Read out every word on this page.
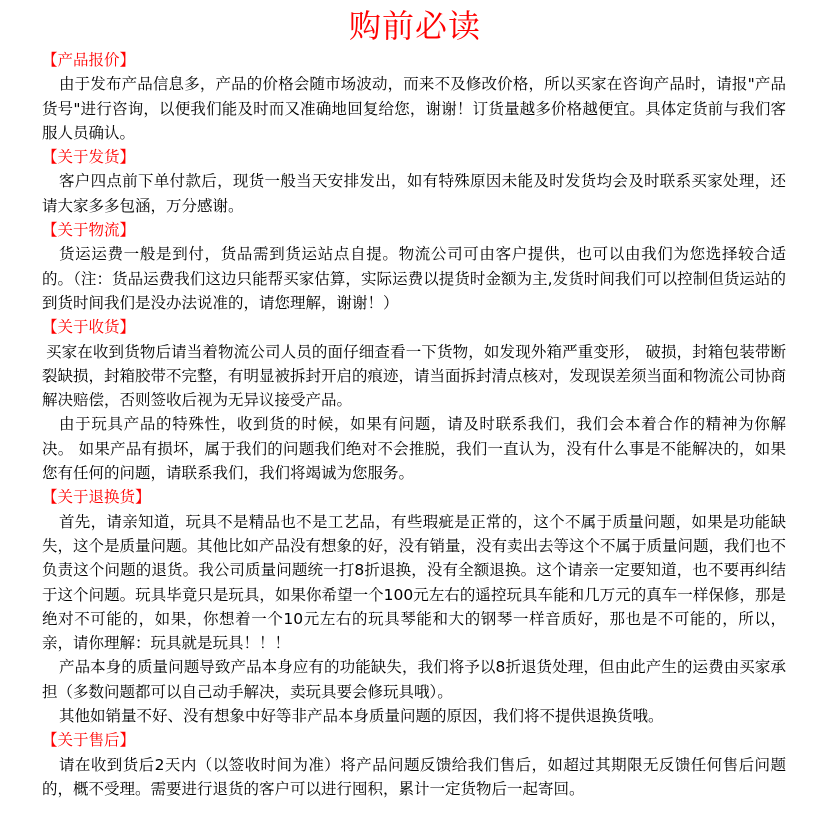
购前必读
【产品报价】

由于发布产品信息多，产品的价格会随市场波动，而来不及修改价格，所以买家在咨询产品时，请报"产品货号"进行咨询，以便我们能及时而又准确地回复给您，谢谢！订货量越多价格越便宜。具体定货前与我们客服人员确认。

【关于发货】

客户四点前下单付款后，现货一般当天安排发出，如有特殊原因未能及时发货均会及时联系买家处理，还请大家多多包涵，万分感谢。

【关于物流】

货运运费一般是到付，货品需到货运站点自提。物流公司可由客户提供，也可以由我们为您选择较合适的。（注：货品运费我们这边只能帮买家估算，实际运费以提货时金额为主,发货时间我们可以控制但货运站的到货时间我们是没办法说准的，请您理解，谢谢！）

【关于收货】

买家在收到货物后请当着物流公司人员的面仔细查看一下货物，如发现外箱严重变形， 破损，封箱包装带断裂缺损，封箱胶带不完整，有明显被拆封开启的痕迹，请当面拆封清点核对，发现误差须当面和物流公司协商解决赔偿，否则签收后视为无异议接受产品。

由于玩具产品的特殊性，收到货的时候，如果有问题，请及时联系我们，我们会本着合作的精神为你解决。 如果产品有损坏，属于我们的问题我们绝对不会推脱，我们一直认为，没有什么事是不能解决的，如果您有任何的问题，请联系我们，我们将竭诚为您服务。

【关于退换货】

首先，请亲知道，玩具不是精品也不是工艺品，有些瑕疵是正常的，这个不属于质量问题，如果是功能缺失，这个是质量问题。其他比如产品没有想象的好，没有销量，没有卖出去等这个不属于质量问题，我们也不负责这个问题的退货。我公司质量问题统一打8折退换，没有全额退换。这个请亲一定要知道，也不要再纠结于这个问题。玩具毕竟只是玩具，如果你希望一个100元左右的遥控玩具车能和几万元的真车一样保修，那是绝对不可能的，如果，你想着一个10元左右的玩具琴能和大的钢琴一样音质好，那也是不可能的，所以，亲，请你理解：玩具就是玩具！！！

产品本身的质量问题导致产品本身应有的功能缺失，我们将予以8折退货处理，但由此产生的运费由买家承担（多数问题都可以自己动手解决，卖玩具要会修玩具哦）。

其他如销量不好、没有想象中好等非产品本身质量问题的原因，我们将不提供退换货哦。

【关于售后】

请在收到货后2天内（以签收时间为准）将产品问题反馈给我们售后，如超过其期限无反馈任何售后问题的，概不受理。需要进行退货的客户可以进行囤积，累计一定货物后一起寄回。
